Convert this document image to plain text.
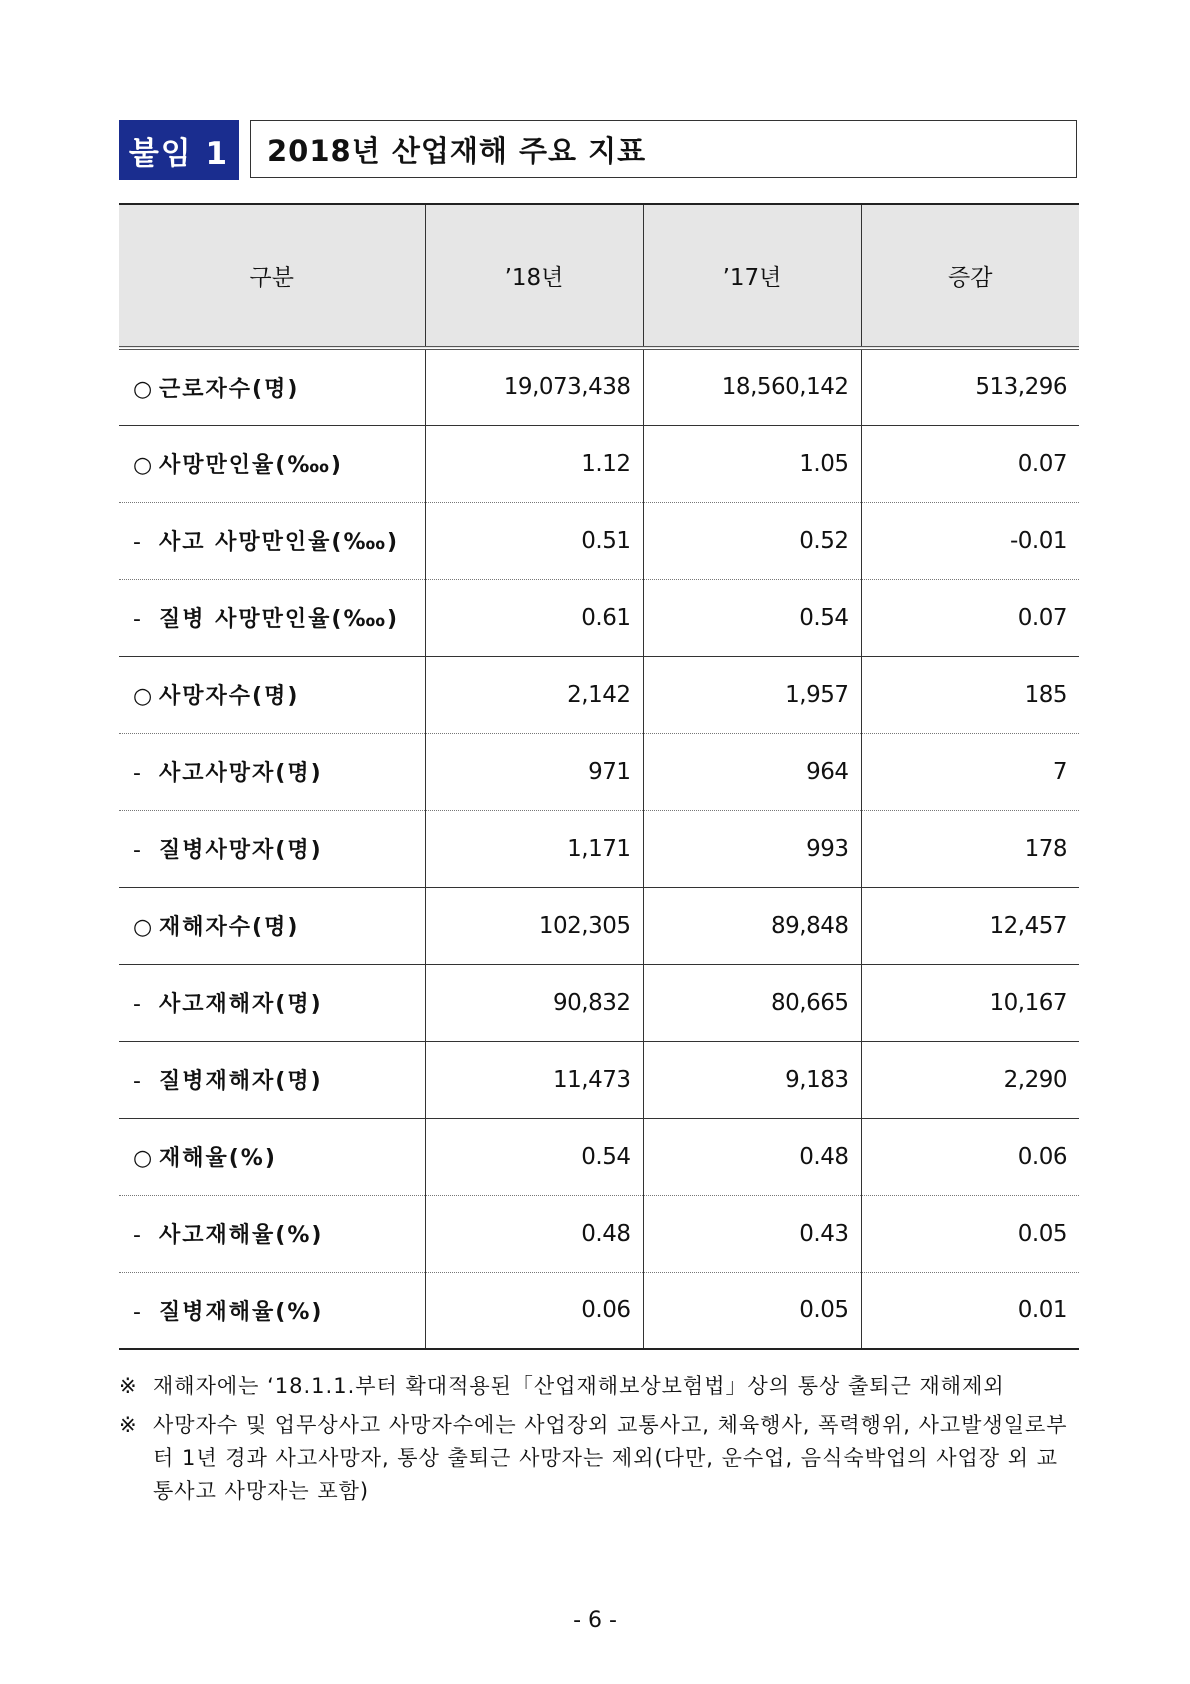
붙임 1	2018년 산업재해 주요 지표
구분	’18년	’17년	증감
○ 근로자수(명)	19,073,438	18,560,142	513,296
○ 사망만인율(‱)	1.12	1.05	0.07
- 사고 사망만인율(‱)	0.51	0.52	-0.01
- 질병 사망만인율(‱)	0.61	0.54	0.07
○ 사망자수(명)	2,142	1,957	185
- 사고사망자(명)	971	964	7
- 질병사망자(명)	1,171	993	178
○ 재해자수(명)	102,305	89,848	12,457
- 사고재해자(명)	90,832	80,665	10,167
- 질병재해자(명)	11,473	9,183	2,290
○ 재해율(%)	0.54	0.48	0.06
- 사고재해율(%)	0.48	0.43	0.05
- 질병재해율(%)	0.06	0.05	0.01
※ 재해자에는 ‘18.1.1.부터 확대적용된「산업재해보상보험법」상의 통상 출퇴근 재해제외
※ 사망자수 및 업무상사고 사망자수에는 사업장외 교통사고, 체육행사, 폭력행위, 사고발생일로부터 1년 경과 사고사망자, 통상 출퇴근 사망자는 제외(다만, 운수업, 음식숙박업의 사업장 외 교통사고 사망자는 포함)
- 6 -
